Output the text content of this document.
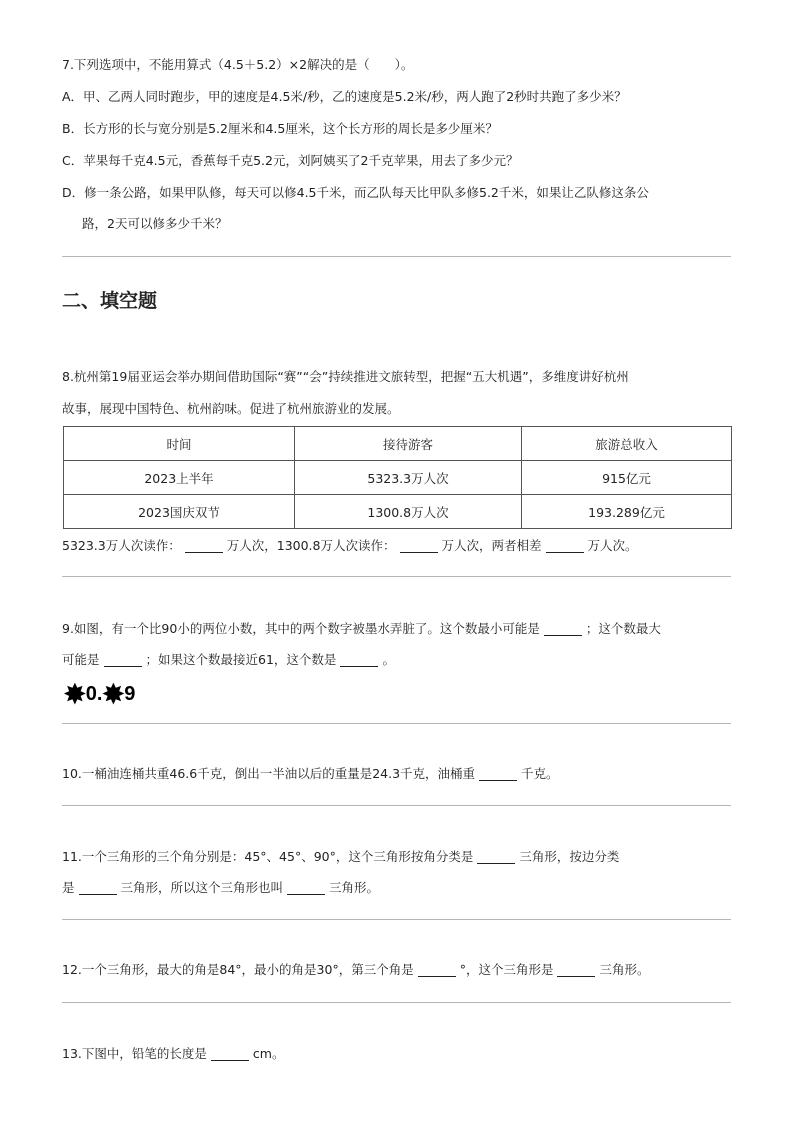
7.下列选项中，不能用算式（4.5＋5.2）×2解决的是（　　）。
A．甲、乙两人同时跑步，甲的速度是4.5米/秒，乙的速度是5.2米/秒，两人跑了2秒时共跑了多少米？
B．长方形的长与宽分别是5.2厘米和4.5厘米，这个长方形的周长是多少厘米？
C．苹果每千克4.5元，香蕉每千克5.2元，刘阿姨买了2千克苹果，用去了多少元？
D．修一条公路，如果甲队修，每天可以修4.5千米，而乙队每天比甲队多修5.2千米，如果让乙队修这条公
路，2天可以修多少千米？
二、填空题
8.杭州第19届亚运会举办期间借助国际“赛”“会”持续推进文旅转型，把握“五大机遇”，多维度讲好杭州
故事，展现中国特色、杭州韵味。促进了杭州旅游业的发展。
时间	接待游客	旅游总收入
2023上半年	5323.3万人次	915亿元
2023国庆双节	1300.8万人次	193.289亿元
5323.3万人次读作：	万人次，1300.8万人次读作：	万人次，两者相差	万人次。
9.如图，有一个比90小的两位小数，其中的两个数字被墨水弄脏了。这个数最小可能是	；这个数最大
可能是	；如果这个数最接近61，这个数是	。
✸0.✸9
10.一桶油连桶共重46.6千克，倒出一半油以后的重量是24.3千克，油桶重	千克。
11.一个三角形的三个角分别是：45°、45°、90°，这个三角形按角分类是	三角形，按边分类
是	三角形，所以这个三角形也叫	三角形。
12.一个三角形，最大的角是84°，最小的角是30°，第三个角是	°，这个三角形是	三角形。
13.下图中，铅笔的长度是	cm。
